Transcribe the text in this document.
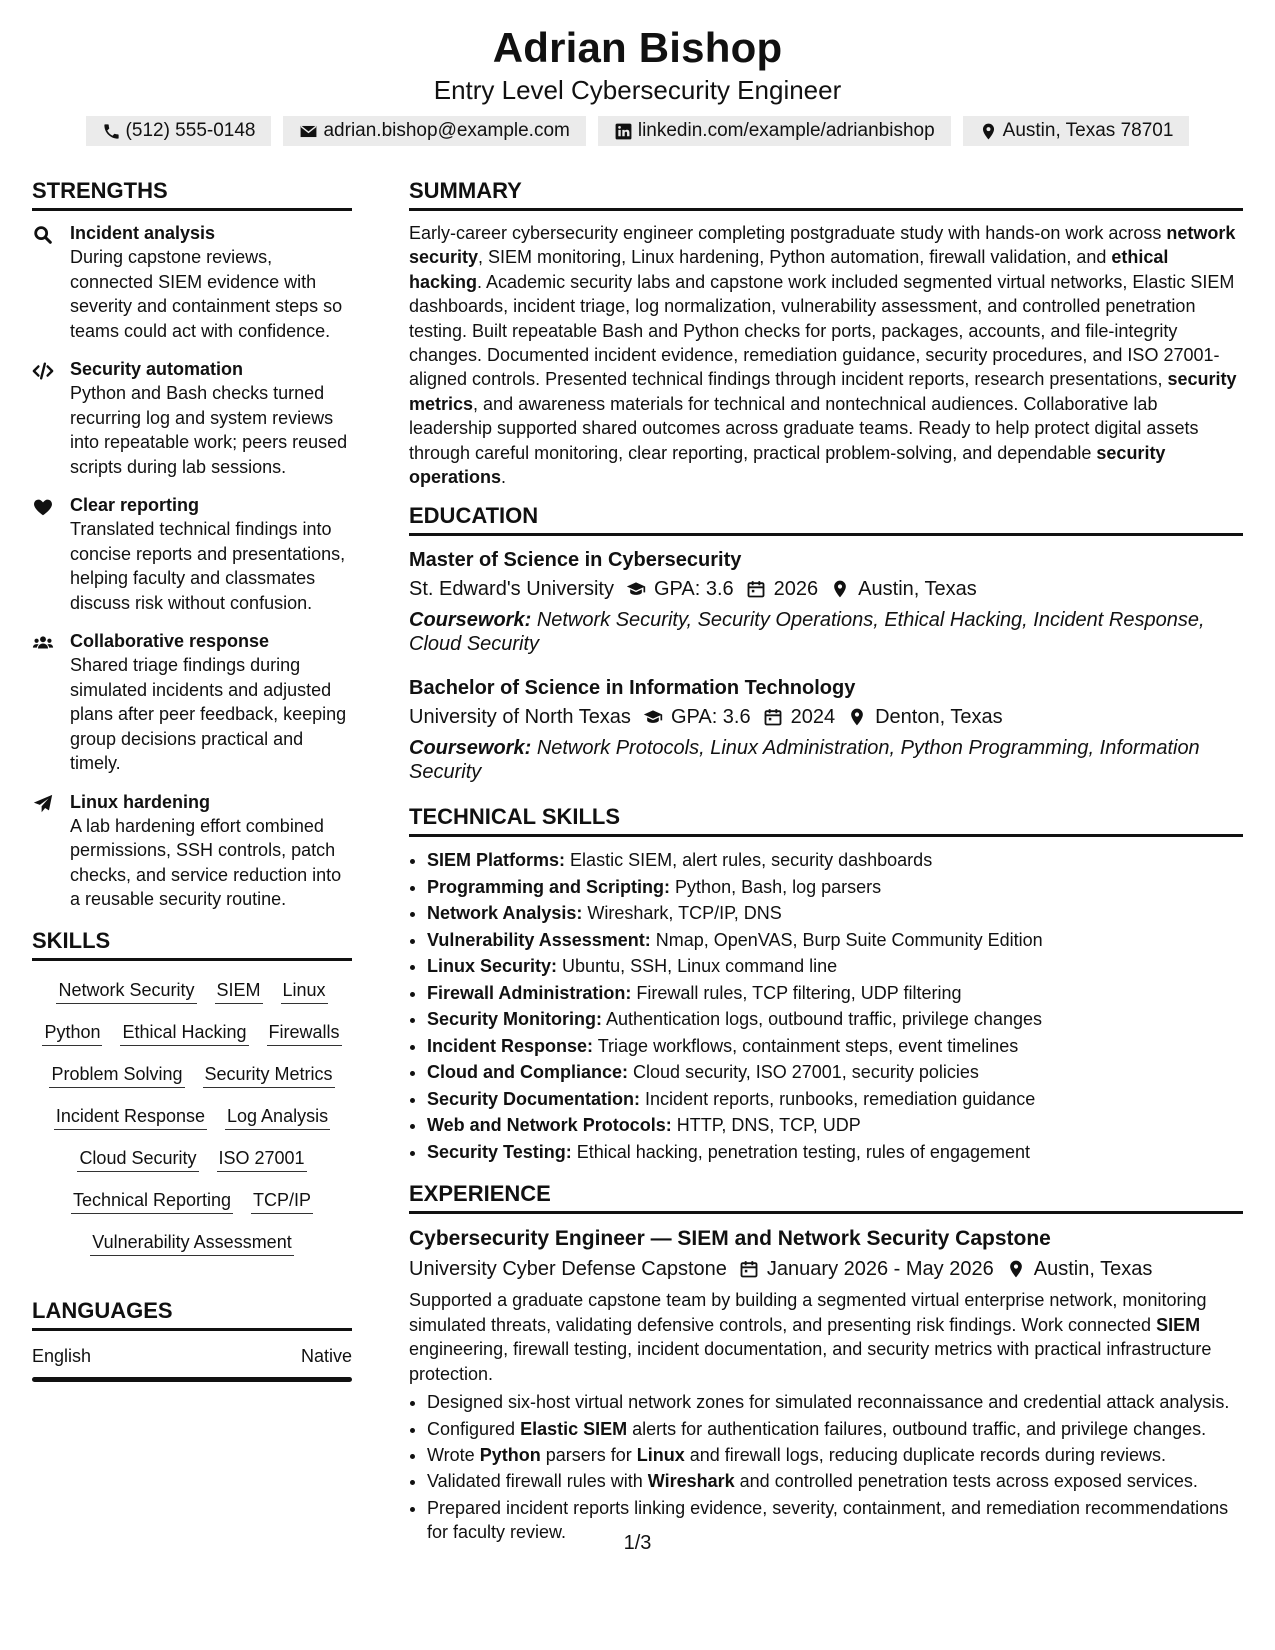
Adrian Bishop
Entry Level Cybersecurity Engineer
(512) 555-0148	adrian.bishop@example.com	linkedin.com/example/adrianbishop	Austin, Texas 78701
STRENGTHS
Incident analysis
During capstone reviews, connected SIEM evidence with severity and containment steps so teams could act with confidence.
Security automation
Python and Bash checks turned recurring log and system reviews into repeatable work; peers reused scripts during lab sessions.
Clear reporting
Translated technical findings into concise reports and presentations, helping faculty and classmates discuss risk without confusion.
Collaborative response
Shared triage findings during simulated incidents and adjusted plans after peer feedback, keeping group decisions practical and timely.
Linux hardening
A lab hardening effort combined permissions, SSH controls, patch checks, and service reduction into a reusable security routine.
SKILLS
Network Security SIEM Linux
Python Ethical Hacking Firewalls
Problem Solving Security Metrics
Incident Response Log Analysis
Cloud Security ISO 27001
Technical Reporting TCP/IP
Vulnerability Assessment
LANGUAGES
English	Native
SUMMARY
Early-career cybersecurity engineer completing postgraduate study with hands-on work across network security, SIEM monitoring, Linux hardening, Python automation, firewall validation, and ethical hacking. Academic security labs and capstone work included segmented virtual networks, Elastic SIEM dashboards, incident triage, log normalization, vulnerability assessment, and controlled penetration testing. Built repeatable Bash and Python checks for ports, packages, accounts, and file-integrity changes. Documented incident evidence, remediation guidance, security procedures, and ISO 27001-aligned controls. Presented technical findings through incident reports, research presentations, security metrics, and awareness materials for technical and nontechnical audiences. Collaborative lab leadership supported shared outcomes across graduate teams. Ready to help protect digital assets through careful monitoring, clear reporting, practical problem-solving, and dependable security operations.
EDUCATION
Master of Science in Cybersecurity
St. Edward's University GPA: 3.6 2026 Austin, Texas
Coursework: Network Security, Security Operations, Ethical Hacking, Incident Response, Cloud Security
Bachelor of Science in Information Technology
University of North Texas GPA: 3.6 2024 Denton, Texas
Coursework: Network Protocols, Linux Administration, Python Programming, Information Security
TECHNICAL SKILLS
• SIEM Platforms: Elastic SIEM, alert rules, security dashboards
• Programming and Scripting: Python, Bash, log parsers
• Network Analysis: Wireshark, TCP/IP, DNS
• Vulnerability Assessment: Nmap, OpenVAS, Burp Suite Community Edition
• Linux Security: Ubuntu, SSH, Linux command line
• Firewall Administration: Firewall rules, TCP filtering, UDP filtering
• Security Monitoring: Authentication logs, outbound traffic, privilege changes
• Incident Response: Triage workflows, containment steps, event timelines
• Cloud and Compliance: Cloud security, ISO 27001, security policies
• Security Documentation: Incident reports, runbooks, remediation guidance
• Web and Network Protocols: HTTP, DNS, TCP, UDP
• Security Testing: Ethical hacking, penetration testing, rules of engagement
EXPERIENCE
Cybersecurity Engineer — SIEM and Network Security Capstone
University Cyber Defense Capstone January 2026 - May 2026 Austin, Texas
Supported a graduate capstone team by building a segmented virtual enterprise network, monitoring simulated threats, validating defensive controls, and presenting risk findings. Work connected SIEM engineering, firewall testing, incident documentation, and security metrics with practical infrastructure protection.
• Designed six-host virtual network zones for simulated reconnaissance and credential attack analysis.
• Configured Elastic SIEM alerts for authentication failures, outbound traffic, and privilege changes.
• Wrote Python parsers for Linux and firewall logs, reducing duplicate records during reviews.
• Validated firewall rules with Wireshark and controlled penetration tests across exposed services.
• Prepared incident reports linking evidence, severity, containment, and remediation recommendations for faculty review.	1/3
